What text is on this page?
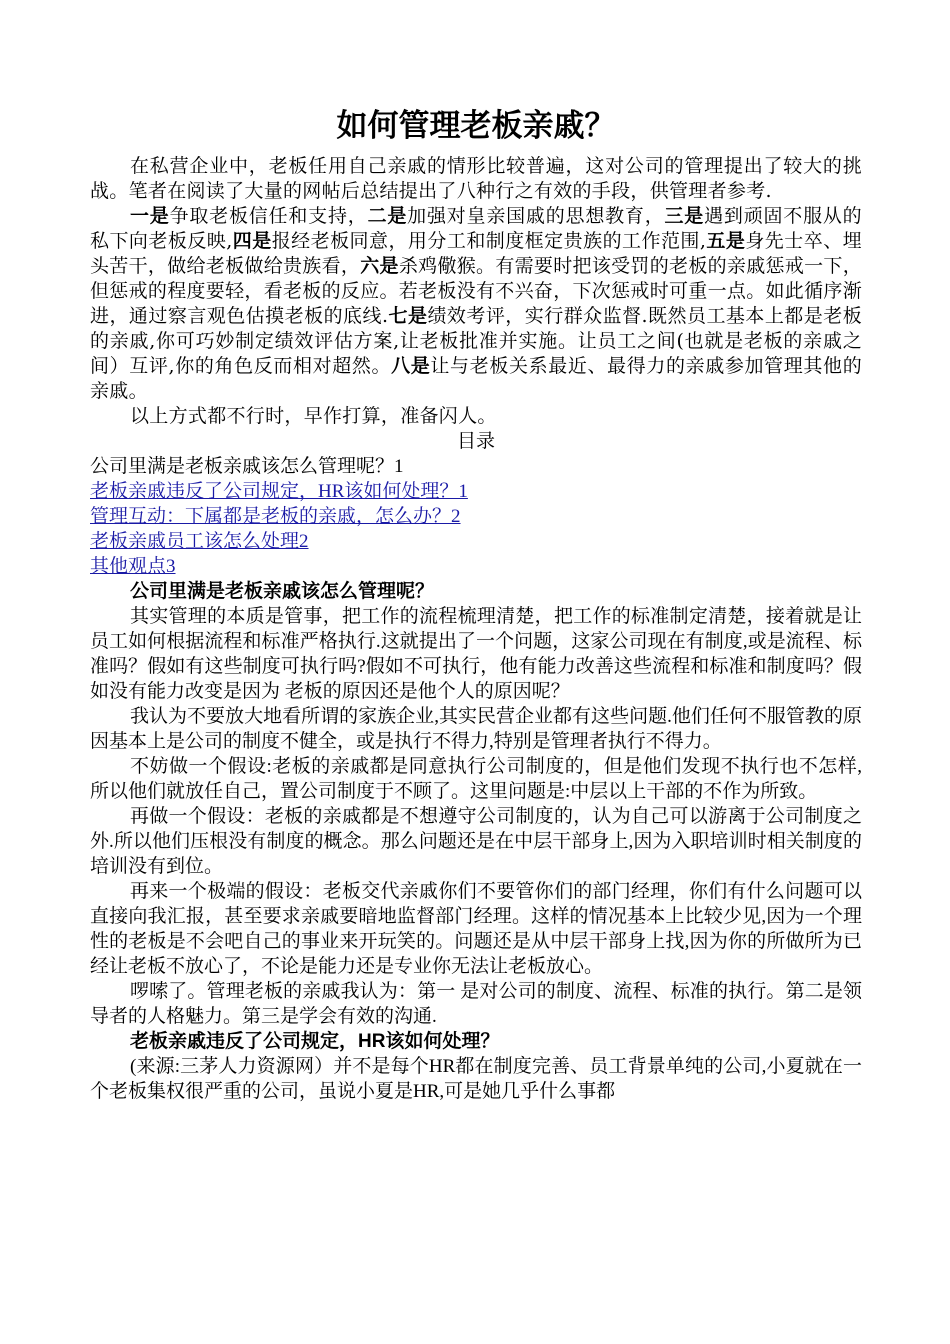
如何管理老板亲戚？

在私营企业中，老板任用自己亲戚的情形比较普遍，这对公司的管理提出了较大的挑战。笔者在阅读了大量的网帖后总结提出了八种行之有效的手段，供管理者参考.

一是争取老板信任和支持，二是加强对皇亲国戚的思想教育，三是遇到顽固不服从的私下向老板反映,四是报经老板同意，用分工和制度框定贵族的工作范围,五是身先士卒、埋头苦干，做给老板做给贵族看，六是杀鸡儆猴。有需要时把该受罚的老板的亲戚惩戒一下，但惩戒的程度要轻，看老板的反应。若老板没有不兴奋，下次惩戒时可重一点。如此循序渐进，通过察言观色估摸老板的底线.七是绩效考评，实行群众监督.既然员工基本上都是老板的亲戚,你可巧妙制定绩效评估方案,让老板批准并实施。让员工之间(也就是老板的亲戚之间）互评,你的角色反而相对超然。八是让与老板关系最近、最得力的亲戚参加管理其他的亲戚。

以上方式都不行时，早作打算，准备闪人。

目录
公司里满是老板亲戚该怎么管理呢？1
老板亲戚违反了公司规定，HR该如何处理？1
管理互动：下属都是老板的亲戚，怎么办？2
老板亲戚员工该怎么处理2
其他观点3
公司里满是老板亲戚该怎么管理呢？

其实管理的本质是管事，把工作的流程梳理清楚，把工作的标准制定清楚，接着就是让员工如何根据流程和标准严格执行.这就提出了一个问题，这家公司现在有制度,或是流程、标准吗？假如有这些制度可执行吗?假如不可执行，他有能力改善这些流程和标准和制度吗？假如没有能力改变是因为 老板的原因还是他个人的原因呢？

我认为不要放大地看所谓的家族企业,其实民营企业都有这些问题.他们任何不服管教的原因基本上是公司的制度不健全，或是执行不得力,特别是管理者执行不得力。

不妨做一个假设:老板的亲戚都是同意执行公司制度的，但是他们发现不执行也不怎样,所以他们就放任自己，置公司制度于不顾了。这里问题是:中层以上干部的不作为所致。

再做一个假设：老板的亲戚都是不想遵守公司制度的，认为自己可以游离于公司制度之外.所以他们压根没有制度的概念。那么问题还是在中层干部身上,因为入职培训时相关制度的培训没有到位。

再来一个极端的假设：老板交代亲戚你们不要管你们的部门经理，你们有什么问题可以直接向我汇报，甚至要求亲戚要暗地监督部门经理。这样的情况基本上比较少见,因为一个理性的老板是不会吧自己的事业来开玩笑的。问题还是从中层干部身上找,因为你的所做所为已经让老板不放心了，不论是能力还是专业你无法让老板放心。

啰嗦了。管理老板的亲戚我认为：第一 是对公司的制度、流程、标准的执行。第二是领导者的人格魅力。第三是学会有效的沟通.

老板亲戚违反了公司规定，HR该如何处理？

(来源:三茅人力资源网）并不是每个HR都在制度完善、员工背景单纯的公司,小夏就在一个老板集权很严重的公司，虽说小夏是HR,可是她几乎什么事都
